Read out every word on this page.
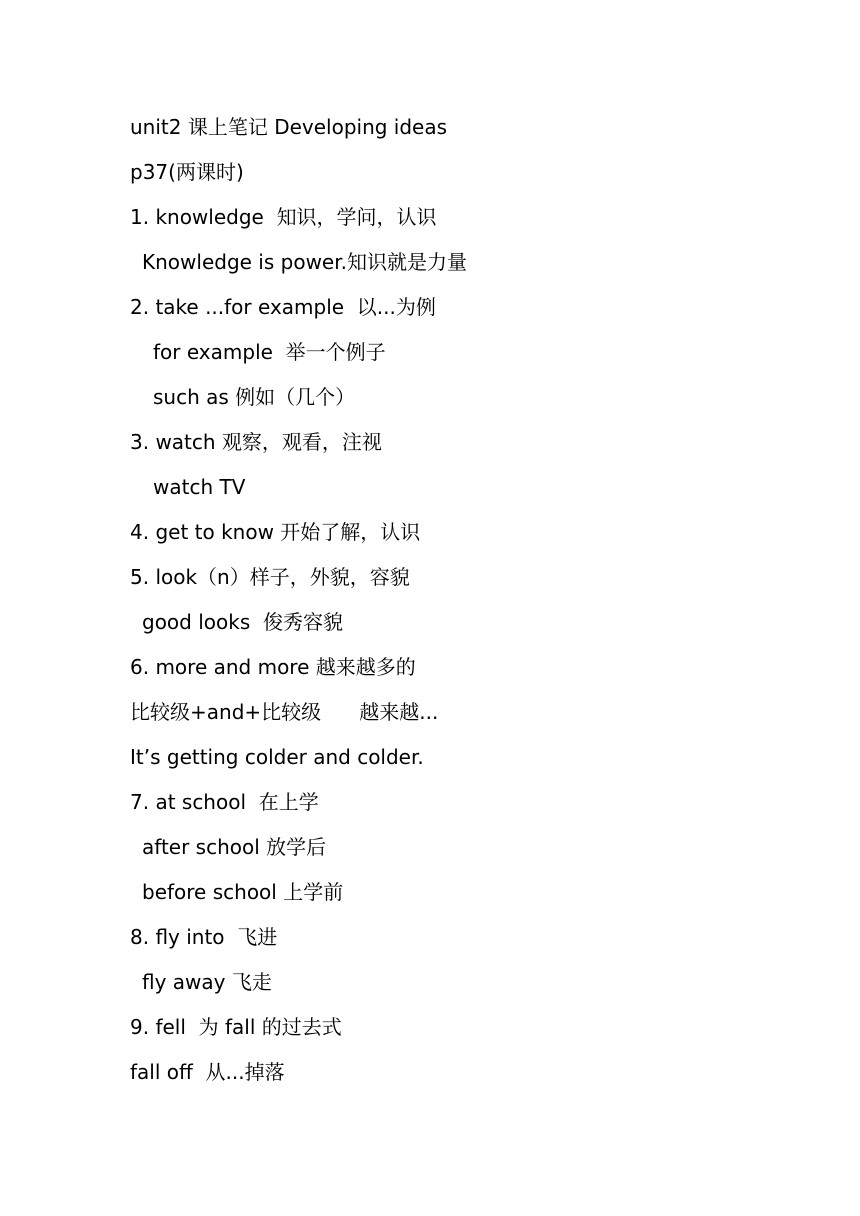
unit2 课上笔记 Developing ideas
p37(两课时)
1. knowledge  知识，学问，认识
Knowledge is power.知识就是力量
2. take ...for example  以...为例
for example  举一个例子
such as 例如（几个）
3. watch 观察，观看，注视
watch TV
4. get to know 开始了解，认识
5. look（n）样子，外貌，容貌
good looks  俊秀容貌
6. more and more 越来越多的
比较级+and+比较级      越来越...
It’s getting colder and colder.
7. at school  在上学
after school 放学后
before school 上学前
8. fly into  飞进
fly away 飞走
9. fell  为 fall 的过去式
fall off  从...掉落
